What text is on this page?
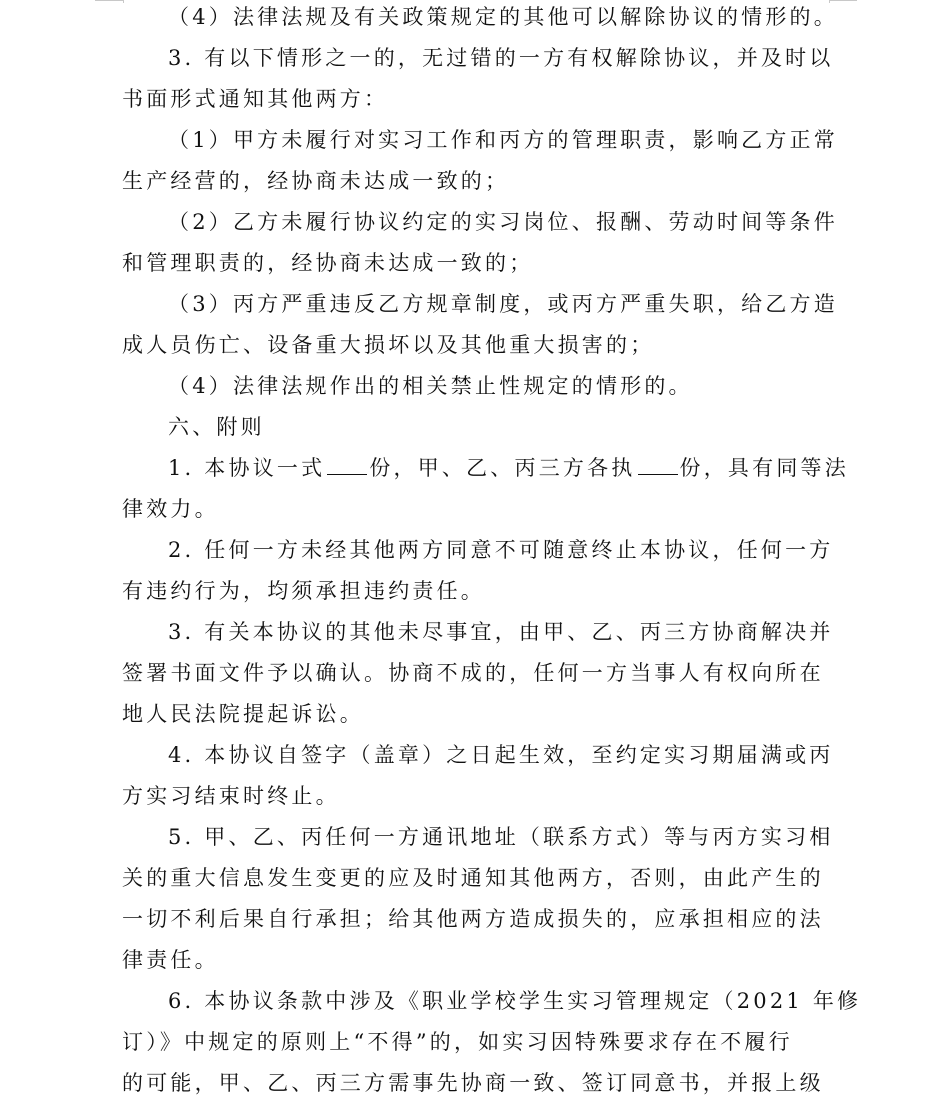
（4）法律法规及有关政策规定的其他可以解除协议的情形的。
3. 有以下情形之一的，无过错的一方有权解除协议，并及时以
书面形式通知其他两方：
（1）甲方未履行对实习工作和丙方的管理职责，影响乙方正常
生产经营的，经协商未达成一致的；
（2）乙方未履行协议约定的实习岗位、报酬、劳动时间等条件
和管理职责的，经协商未达成一致的；
（3）丙方严重违反乙方规章制度，或丙方严重失职，给乙方造
成人员伤亡、设备重大损坏以及其他重大损害的；
（4）法律法规作出的相关禁止性规定的情形的。
六、附则
1. 本协议一式 份，甲、乙、丙三方各执 份，具有同等法
律效力。
2. 任何一方未经其他两方同意不可随意终止本协议，任何一方
有违约行为，均须承担违约责任。
3. 有关本协议的其他未尽事宜，由甲、乙、丙三方协商解决并
签署书面文件予以确认。协商不成的，任何一方当事人有权向所在
地人民法院提起诉讼。
4. 本协议自签字（盖章）之日起生效，至约定实习期届满或丙
方实习结束时终止。
5. 甲、乙、丙任何一方通讯地址（联系方式）等与丙方实习相
关的重大信息发生变更的应及时通知其他两方，否则，由此产生的
一切不利后果自行承担；给其他两方造成损失的，应承担相应的法
律责任。
6. 本协议条款中涉及《职业学校学生实习管理规定（2021 年修
订）》中规定的原则上“不得”的，如实习因特殊要求存在不履行
的可能，甲、乙、丙三方需事先协商一致、签订同意书，并报上级
